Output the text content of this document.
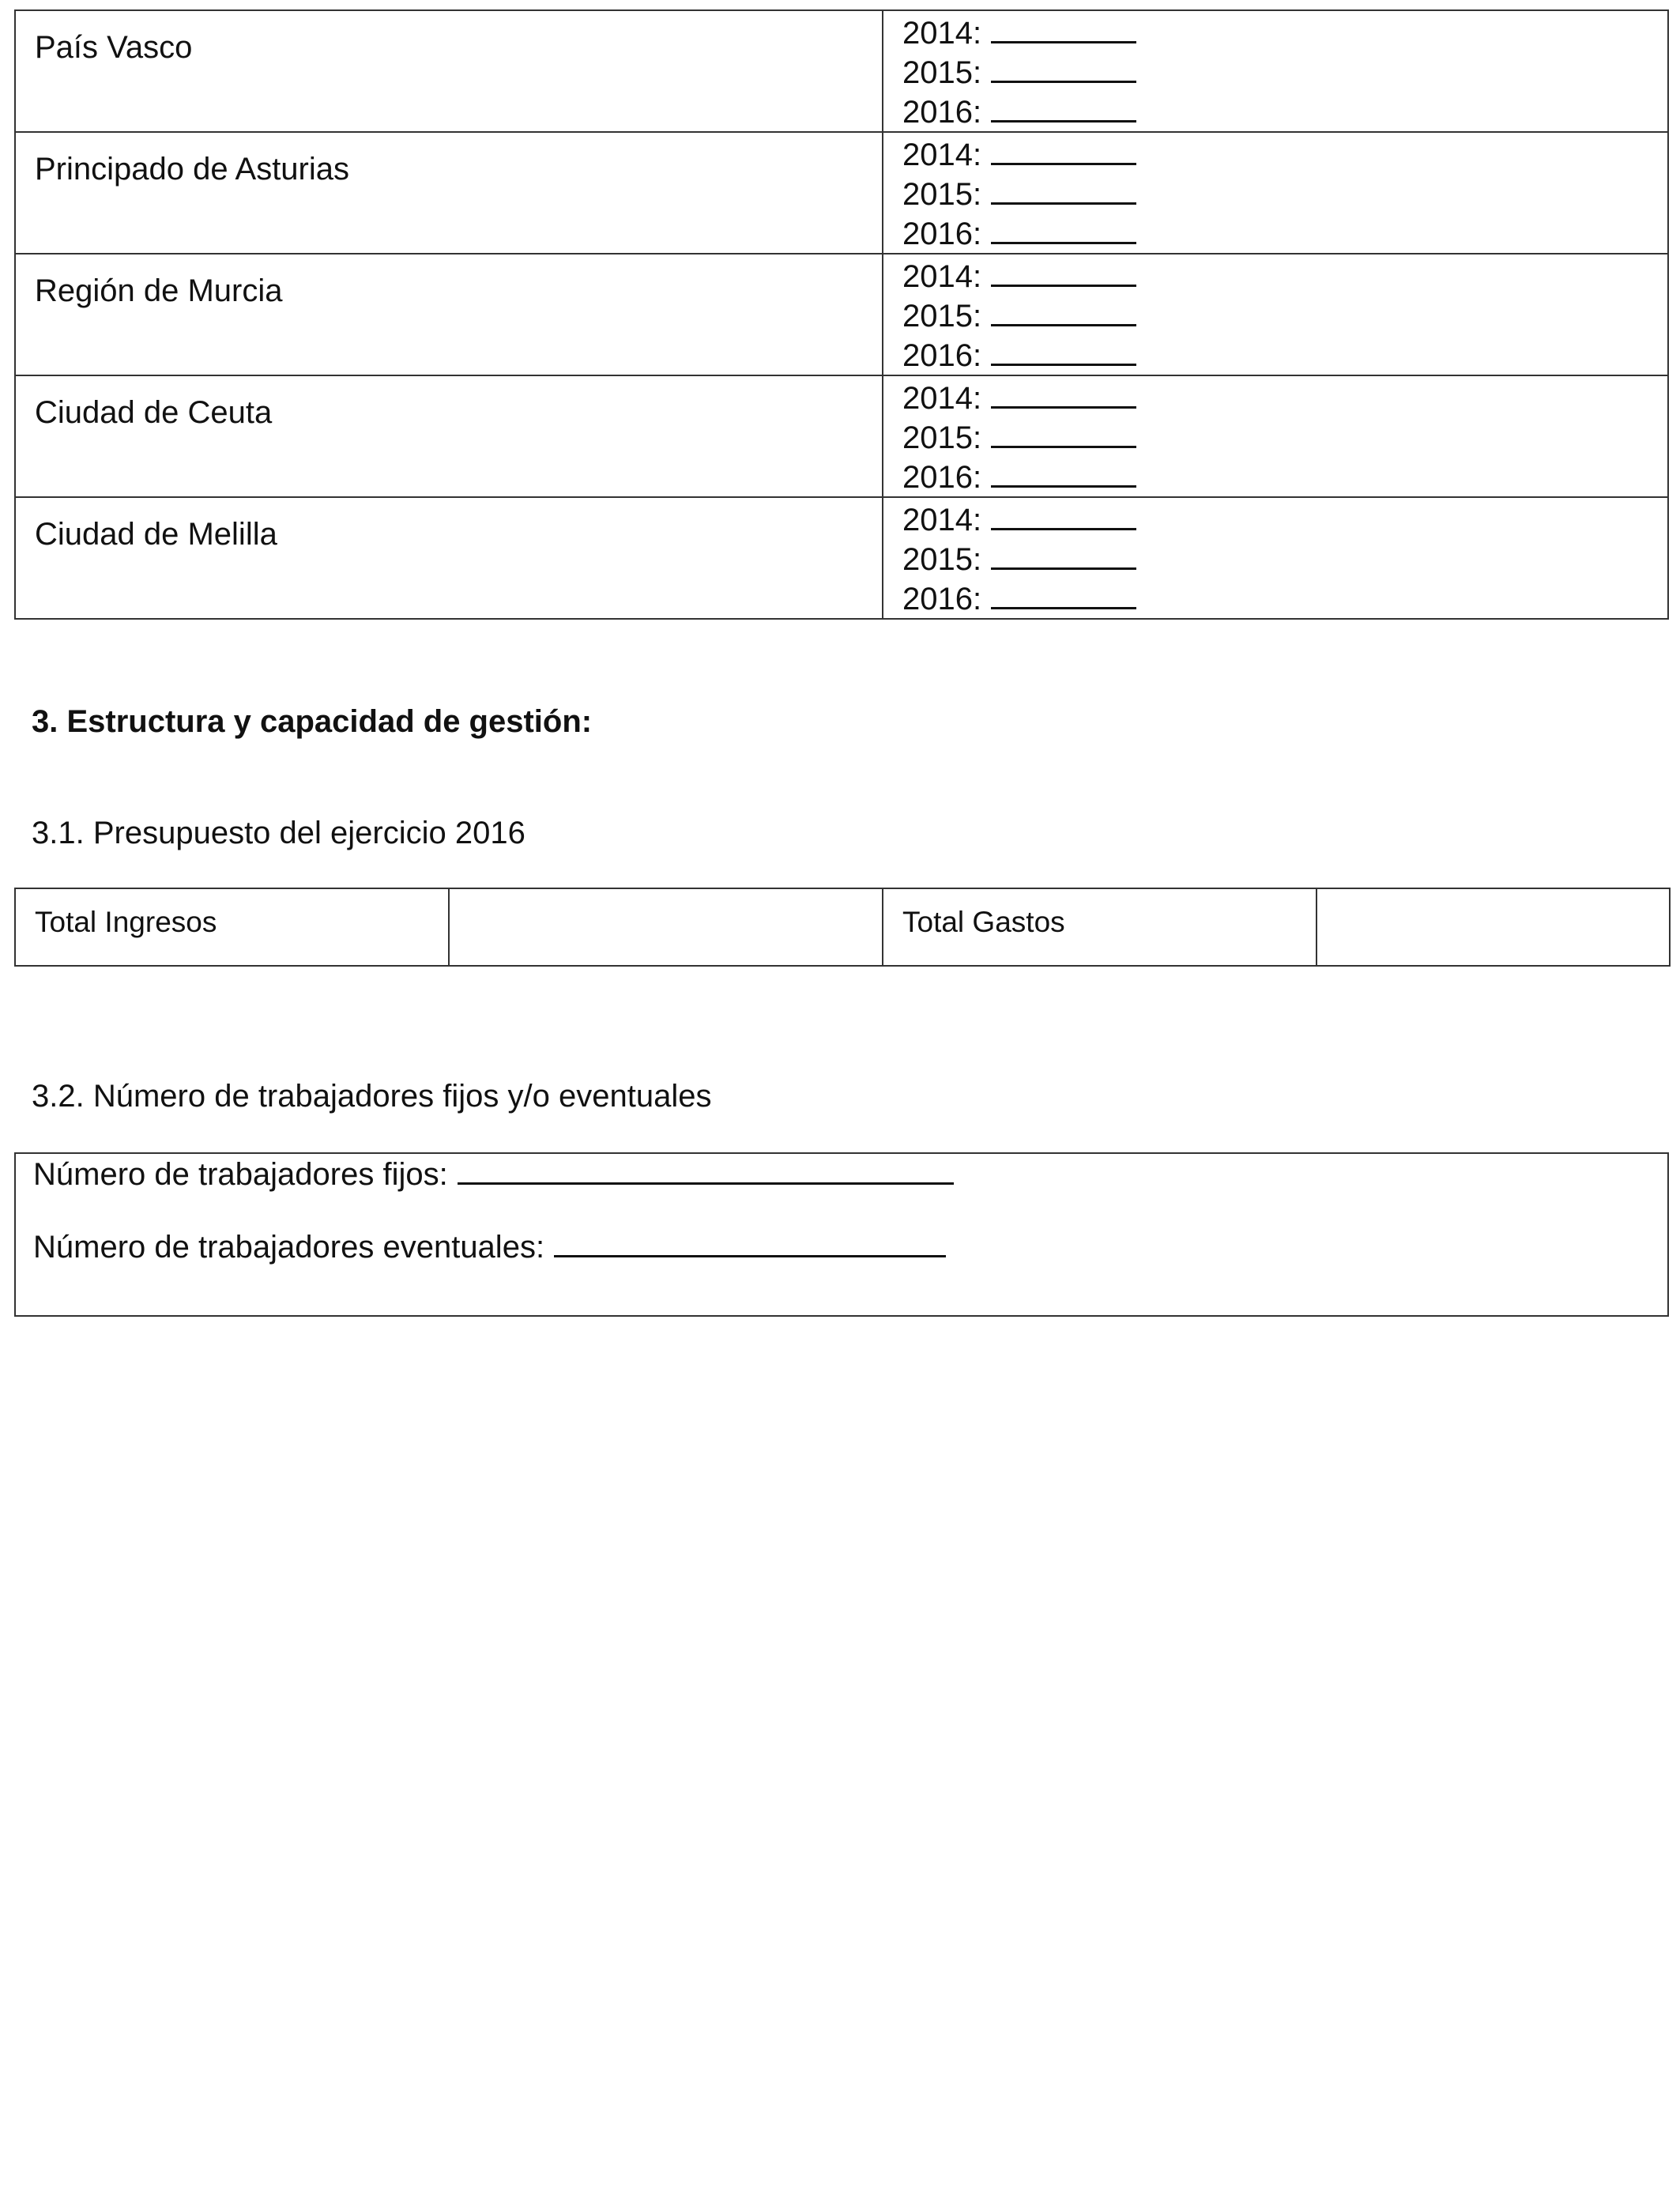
País Vasco	2014:
2015:
2016:

Principado de Asturias	2014:
2015:
2016:

Región de Murcia	2014:
2015:
2016:

Ciudad de Ceuta	2014:
2015:
2016:

Ciudad de Melilla	2014:
2015:
2016:
3. Estructura y capacidad de gestión:
3.1. Presupuesto del ejercicio 2016
Total Ingresos		Total Gastos	
3.2. Número de trabajadores fijos y/o eventuales
Número de trabajadores fijos:
Número de trabajadores eventuales:
